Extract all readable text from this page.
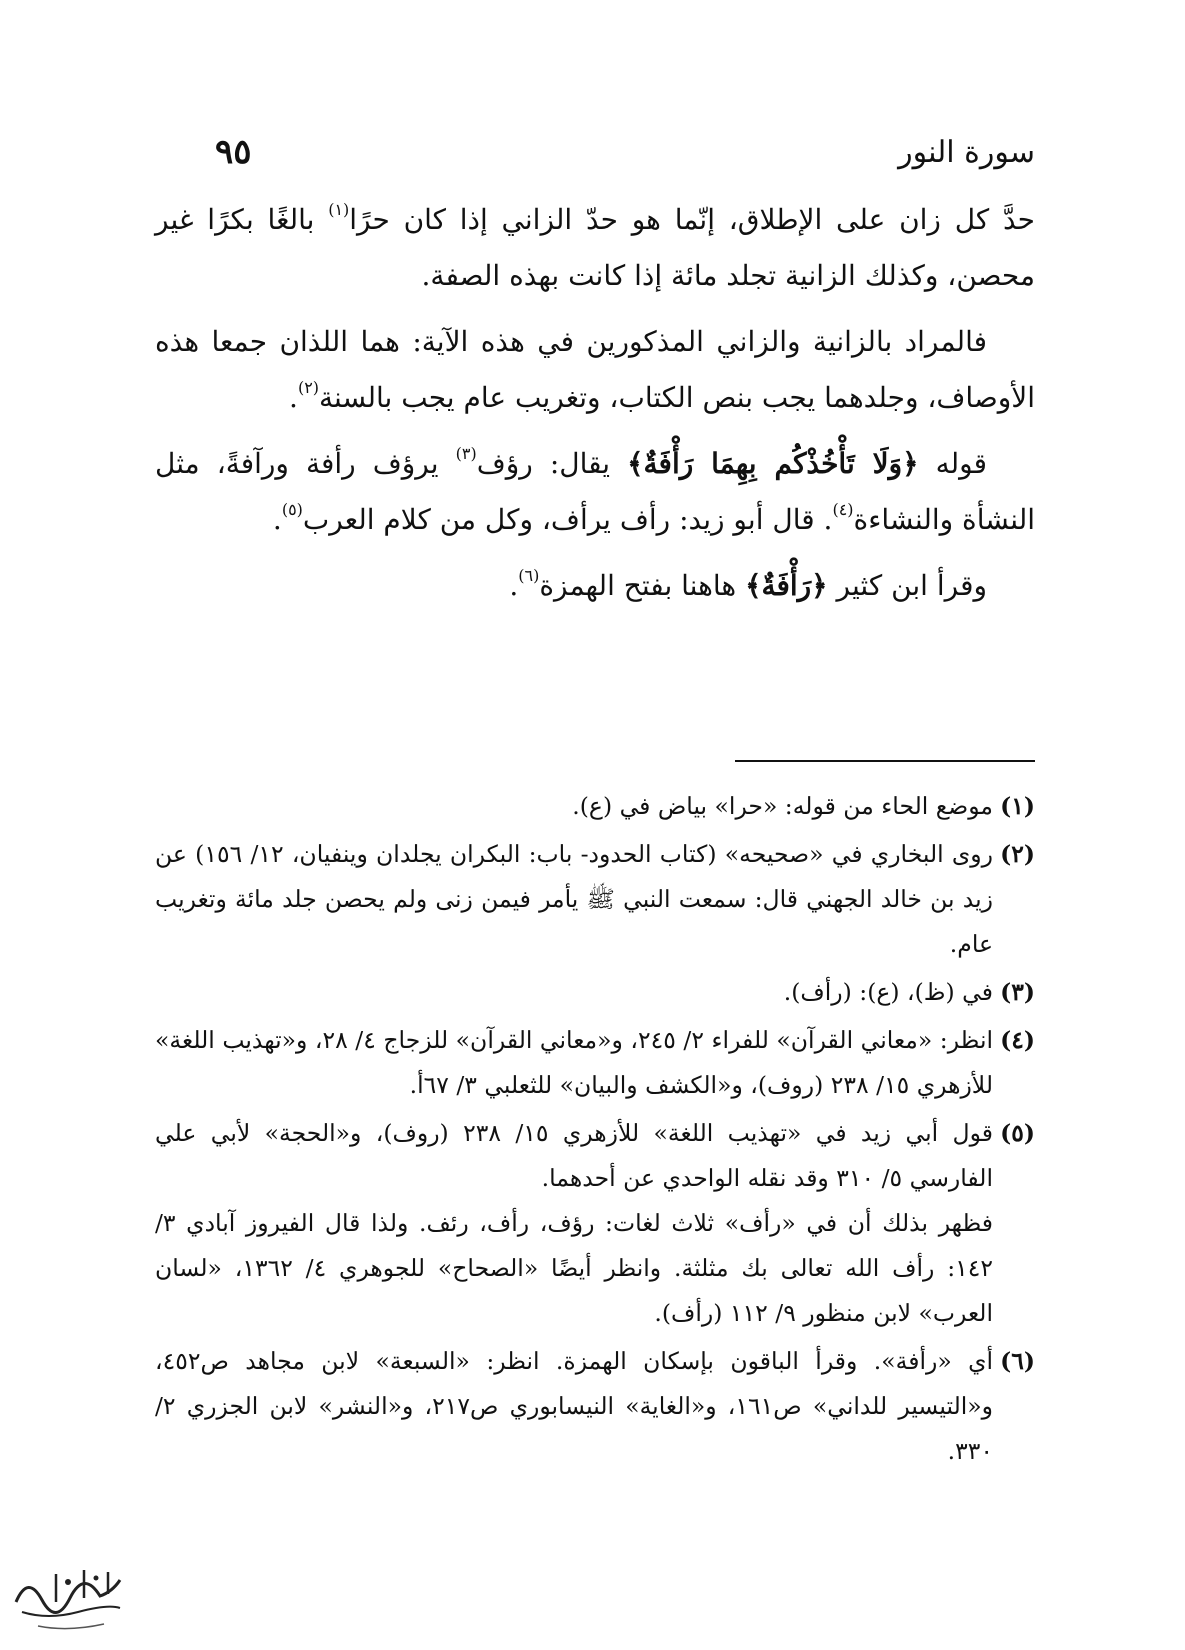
سورة النور
٩٥

حدَّ كل زان على الإطلاق، إنّما هو حدّ الزاني إذا كان حرًا$^{(١)}$ بالغًا بكرًا غير محصن، وكذلك الزانية تجلد مائة إذا كانت بهذه الصفة.

فالمراد بالزانية والزاني المذكورين في هذه الآية: هما اللذان جمعا هذه الأوصاف، وجلدهما يجب بنص الكتاب، وتغريب عام يجب بالسنة$^{(٢)}$.

قوله ﴿وَلَا تَأْخُذْكُم بِهِمَا رَأْفَةٌ﴾ يقال: رؤف$^{(٣)}$ يرؤف رأفة ورآفةً، مثل النشأة والنشاءة$^{(٤)}$. قال أبو زيد: رأف يرأف، وكل من كلام العرب$^{(٥)}$.

وقرأ ابن كثير ﴿رَأْفَةٌ﴾ هاهنا بفتح الهمزة$^{(٦)}$.

(١)

موضع الحاء من قوله: «حرا» بياض في (ع).

(٢)

روى البخاري في «صحيحه» (كتاب الحدود- باب: البكران يجلدان وينفيان، ١٢/ ١٥٦) عن زيد بن خالد الجهني قال: سمعت النبي ﷺ يأمر فيمن زنى ولم يحصن جلد مائة وتغريب عام.

(٣)

في (ظ)، (ع): (رأف).

(٤)

انظر: «معاني القرآن» للفراء ٢/ ٢٤٥، و«معاني القرآن» للزجاج ٤/ ٢٨، و«تهذيب اللغة» للأزهري ١٥/ ٢٣٨ (روف)، و«الكشف والبيان» للثعلبي ٣/ ٦٧أ.

(٥)

قول أبي زيد في «تهذيب اللغة» للأزهري ١٥/ ٢٣٨ (روف)، و«الحجة» لأبي علي الفارسي ٥/ ٣١٠ وقد نقله الواحدي عن أحدهما.

فظهر بذلك أن في «رأف» ثلاث لغات: رؤف، رأف، رئف. ولذا قال الفيروز آبادي ٣/ ١٤٢: رأف الله تعالى بك مثلثة. وانظر أيضًا «الصحاح» للجوهري ٤/ ١٣٦٢، «لسان العرب» لابن منظور ٩/ ١١٢ (رأف).

(٦)

أي «رأفة». وقرأ الباقون بإسكان الهمزة. انظر: «السبعة» لابن مجاهد ص٤٥٢، و«التيسير للداني» ص١٦١، و«الغاية» النيسابوري ص٢١٧، و«النشر» لابن الجزري ٢/ ٣٣٠.
